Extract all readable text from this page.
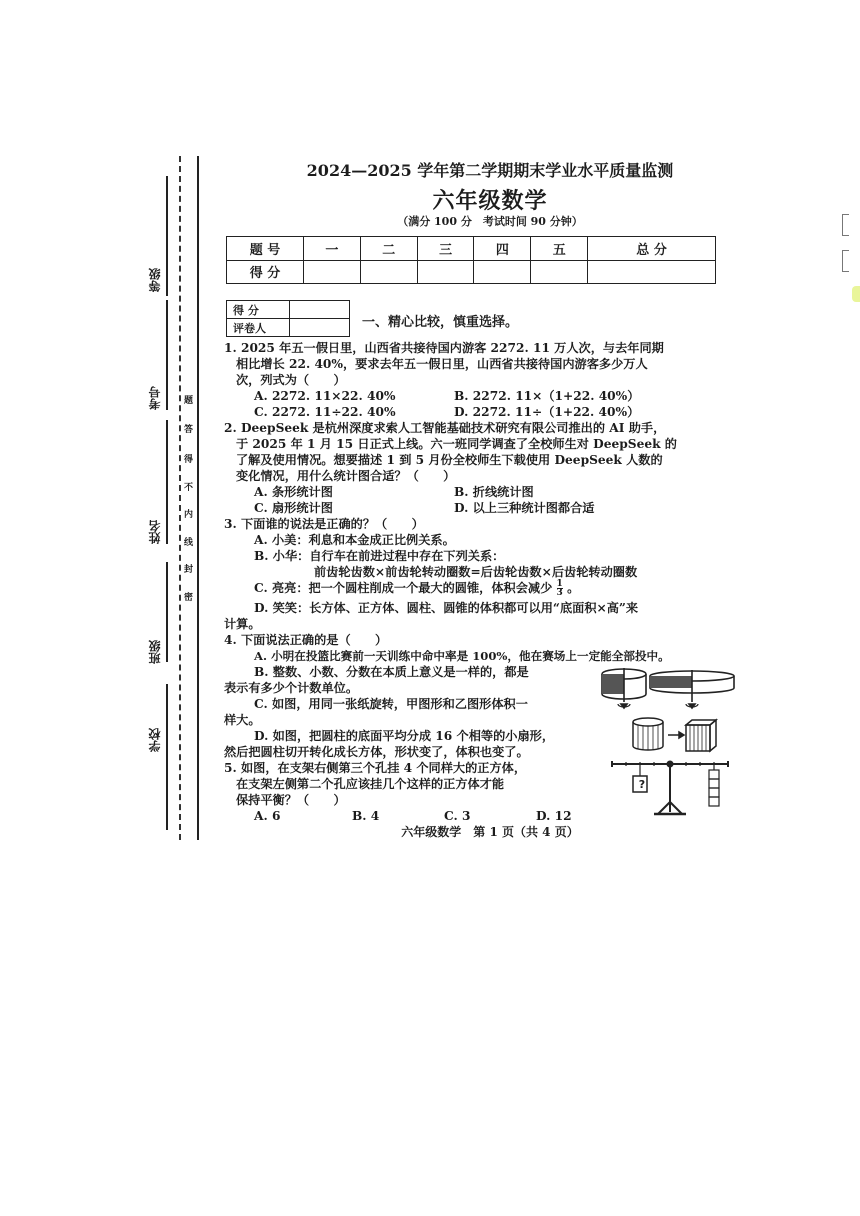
等级
考号
姓名
班级
学校
题
答
得
不
内
线
封
密
2024—2025 学年第二学期期末学业水平质量监测
六年级数学
（满分 100 分　考试时间 90 分钟）
题 号	一	二	三	四	五	总 分
得 分						
得 分	
评卷人		一、精心比较，慎重选择。
1. 2025 年五一假日里，山西省共接待国内游客 2272. 11 万人次，与去年同期
相比增长 22. 40%，要求去年五一假日里，山西省共接待国内游客多少万人
次，列式为（　　）
A. 2272. 11×22. 40%	B. 2272. 11×（1+22. 40%）
C. 2272. 11÷22. 40%	D. 2272. 11÷（1+22. 40%）
2. DeepSeek 是杭州深度求索人工智能基础技术研究有限公司推出的 AI 助手，
于 2025 年 1 月 15 日正式上线。六一班同学调查了全校师生对 DeepSeek 的
了解及使用情况。想要描述 1 到 5 月份全校师生下载使用 DeepSeek 人数的
变化情况，用什么统计图合适？（　　）
A. 条形统计图	B. 折线统计图
C. 扇形统计图	D. 以上三种统计图都合适
3. 下面谁的说法是正确的？（　　）
A. 小美：利息和本金成正比例关系。
B. 小华：自行车在前进过程中存在下列关系：
前齿轮齿数×前齿轮转动圈数=后齿轮齿数×后齿轮转动圈数
C. 亮亮：把一个圆柱削成一个最大的圆锥，体积会减少 $\frac{1}{3}$ 。
D. 笑笑：长方体、正方体、圆柱、圆锥的体积都可以用“底面积×高”来
计算。
4. 下面说法正确的是（　　）
A. 小明在投篮比赛前一天训练中命中率是 100%，他在赛场上一定能全部投中。
B. 整数、小数、分数在本质上意义是一样的，都是
表示有多少个计数单位。
C. 如图，用同一张纸旋转，甲图形和乙图形体积一
样大。
D. 如图，把圆柱的底面平均分成 16 个相等的小扇形，
然后把圆柱切开转化成长方体，形状变了，体积也变了。
5. 如图，在支架右侧第三个孔挂 4 个同样大的正方体，
在支架左侧第二个孔应该挂几个这样的正方体才能
保持平衡？（　　）
A. 6	B. 4	C. 3	D. 12
?
六年级数学　第 1 页（共 4 页）
